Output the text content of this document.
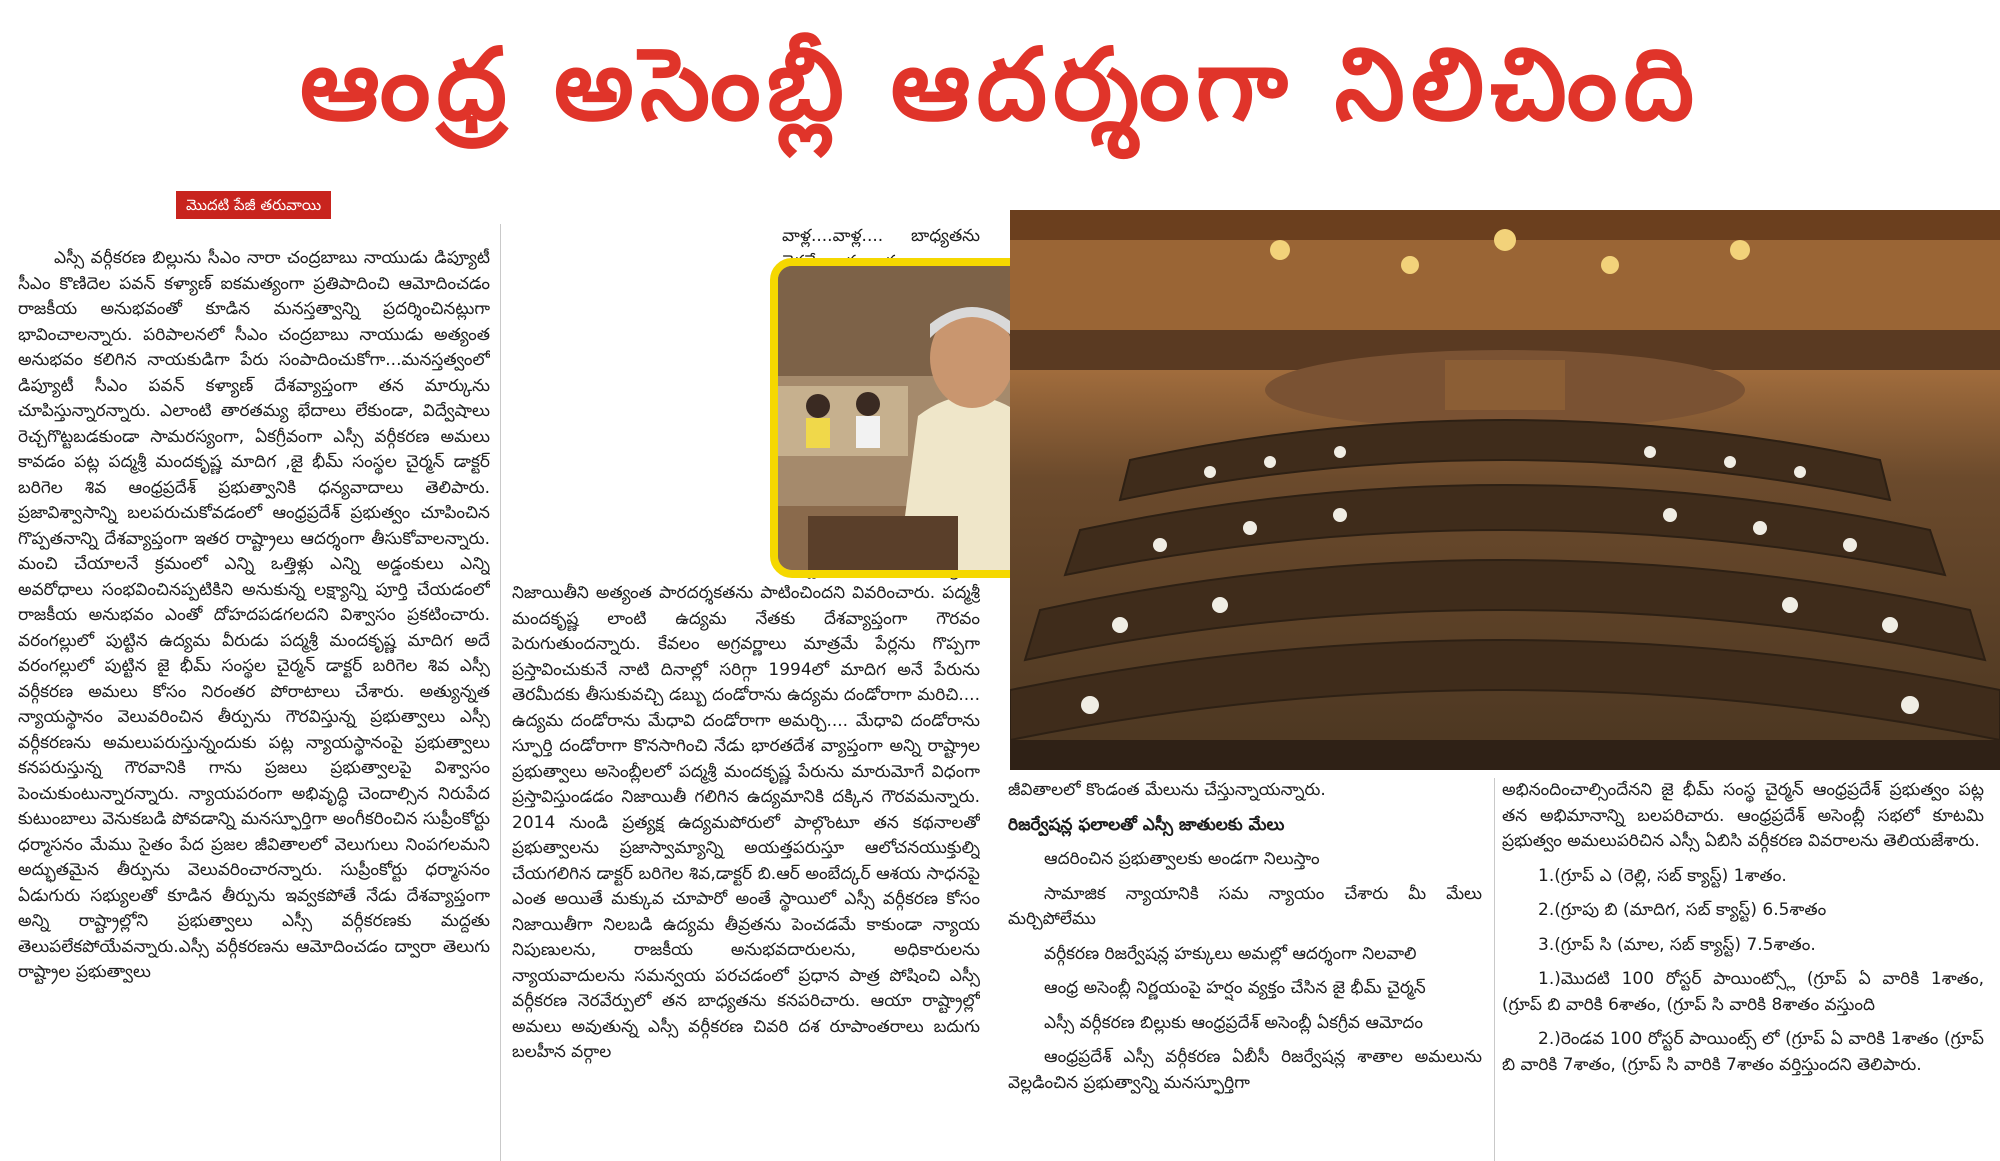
ఆంధ్ర అసెంబ్లీ ఆదర్శంగా నిలిచింది
మొదటి పేజీ తరువాయి

ఎస్సీ వర్గీకరణ బిల్లును సీఎం నారా చంద్రబాబు నాయుడు డిప్యూటీ సీఎం కొణిదెల పవన్ కళ్యాణ్ ఐకమత్యంగా ప్రతిపాదించి ఆమోదించడం రాజకీయ అనుభవంతో కూడిన మనస్తత్వాన్ని ప్రదర్శించినట్లుగా భావించాలన్నారు. పరిపాలనలో సీఎం చంద్రబాబు నాయుడు అత్యంత అనుభవం కలిగిన నాయకుడిగా పేరు సంపాదించుకోగా...మనస్తత్వంలో డిప్యూటీ సీఎం పవన్ కళ్యాణ్ దేశవ్యాప్తంగా తన మార్కును చూపిస్తున్నారన్నారు. ఎలాంటి తారతమ్య భేదాలు లేకుండా, విద్వేషాలు రెచ్చగొట్టబడకుండా సామరస్యంగా, ఏకగ్రీవంగా ఎస్సీ వర్గీకరణ అమలు కావడం పట్ల పద్మశ్రీ మందకృష్ణ మాదిగ ,జై భీమ్ సంస్థల చైర్మన్ డాక్టర్ బరిగెల శివ ఆంధ్రప్రదేశ్ ప్రభుత్వానికి ధన్యవాదాలు తెలిపారు. ప్రజావిశ్వాసాన్ని బలపరుచుకోవడంలో ఆంధ్రప్రదేశ్ ప్రభుత్వం చూపించిన గొప్పతనాన్ని దేశవ్యాప్తంగా ఇతర రాష్ట్రాలు ఆదర్శంగా తీసుకోవాలన్నారు. మంచి చేయాలనే క్రమంలో ఎన్ని ఒత్తిళ్లు ఎన్ని అడ్డంకులు ఎన్ని అవరోధాలు సంభవించినప్పటికిని అనుకున్న లక్ష్యాన్ని పూర్తి చేయడంలో రాజకీయ అనుభవం ఎంతో దోహదపడగలదని విశ్వాసం ప్రకటించారు. వరంగల్లులో పుట్టిన ఉద్యమ వీరుడు పద్మశ్రీ మందకృష్ణ మాదిగ అదే వరంగల్లులో పుట్టిన జై భీమ్ సంస్థల చైర్మన్ డాక్టర్ బరిగెల శివ ఎస్సీ వర్గీకరణ అమలు కోసం నిరంతర పోరాటాలు చేశారు. అత్యున్నత న్యాయస్థానం వెలువరించిన తీర్పును గౌరవిస్తున్న ప్రభుత్వాలు ఎస్సీ వర్గీకరణను అమలుపరుస్తున్నందుకు పట్ల న్యాయస్థానంపై ప్రభుత్వాలు కనపరుస్తున్న గౌరవానికి గాను ప్రజలు ప్రభుత్వాలపై విశ్వాసం పెంచుకుంటున్నారన్నారు. న్యాయపరంగా అభివృద్ధి చెందాల్సిన నిరుపేద కుటుంబాలు వెనుకబడి పోవడాన్ని మనస్ఫూర్తిగా అంగీకరించిన సుప్రీంకోర్టు ధర్మాసనం మేము సైతం పేద ప్రజల జీవితాలలో వెలుగులు నింపగలమని అద్భుతమైన తీర్పును వెలువరించారన్నారు. సుప్రీంకోర్టు ధర్మాసనం ఏడుగురు సభ్యులతో కూడిన తీర్పును ఇవ్వకపోతే నేడు దేశవ్యాప్తంగా అన్ని రాష్ట్రాల్లోని ప్రభుత్వాలు ఎస్సీ వర్గీకరణకు మద్దతు తెలుపలేకపోయేవన్నారు.ఎస్సీ వర్గీకరణను ఆమోదించడం ద్వారా తెలుగు రాష్ట్రాల ప్రభుత్వాలు

వాళ్ల....వాళ్ల.... బాధ్యతను నిజాయితీని అత్యంత పారదర్శకతను పాటించిందని వివరించారు. పద్మశ్రీ మందకృష్ణ లాంటి ఉద్యమ నేతకు దేశవ్యాప్తంగా గౌరవం పెరుగుతుందన్నారు. కేవలం అగ్రవర్ణాలు మాత్రమే పేర్లను గొప్పగా ప్రస్తావించుకునే నాటి దినాల్లో సరిగ్గా 1994లో మాదిగ అనే పేరును తెరమీదకు తీసుకువచ్చి డబ్బు దండోరాను ఉద్యమ దండోరాగా మరిచి.... ఉద్యమ దండోరాను మేధావి దండోరాగా అమర్చి.... మేధావి దండోరాను స్ఫూర్తి దండోరాగా కొనసాగించి నేడు భారతదేశ వ్యాప్తంగా అన్ని రాష్ట్రాల ప్రభుత్వాలు అసెంబ్లీలలో పద్మశ్రీ మందకృష్ణ పేరును మారుమోగే విధంగా ప్రస్తావిస్తుండడం నిజాయితీ గలిగిన ఉద్యమానికి దక్కిన గౌరవమన్నారు. 2014 నుండి ప్రత్యక్ష ఉద్యమపోరులో పాల్గొంటూ తన కథనాలతో ప్రభుత్వాలను ప్రజాస్వామ్యాన్ని అయత్తపరుస్తూ ఆలోచనయుక్తుల్ని చేయగలిగిన డాక్టర్ బరిగెల శివ,డాక్టర్ బి.ఆర్ అంబేద్కర్ ఆశయ సాధనపై ఎంత అయితే మక్కువ చూపారో అంతే స్థాయిలో ఎస్సీ వర్గీకరణ కోసం నిజాయితీగా నిలబడి ఉద్యమ తీవ్రతను పెంచడమే కాకుండా న్యాయ నిపుణులను, రాజకీయ అనుభవదారులను, అధికారులను న్యాయవాదులను సమన్వయ పరచడంలో ప్రధాన పాత్ర పోషించి ఎస్సీ వర్గీకరణ నెరవేర్పులో తన బాధ్యతను కనపరిచారు. ఆయా రాష్ట్రాల్లో అమలు అవుతున్న ఎస్సీ వర్గీకరణ చివరి దశ రూపాంతరాలు బదుగు బలహీన వర్గాల

జీవితాలలో కొండంత మేలును చేస్తున్నాయన్నారు.

రిజర్వేషన్ల ఫలాలతో ఎస్సీ జాతులకు మేలు

ఆదరించిన ప్రభుత్వాలకు అండగా నిలుస్తాం

సామాజిక న్యాయానికి సమ న్యాయం చేశారు మీ మేలు మర్చిపోలేము

వర్గీకరణ రిజర్వేషన్ల హక్కులు అమల్లో ఆదర్శంగా నిలవాలి

ఆంధ్ర అసెంబ్లీ నిర్ణయంపై హర్షం వ్యక్తం చేసిన జై భీమ్ చైర్మన్

ఎస్సీ వర్గీకరణ బిల్లుకు ఆంధ్రప్రదేశ్ అసెంబ్లీ ఏకగ్రీవ ఆమోదం

ఆంధ్రప్రదేశ్ ఎస్సీ వర్గీకరణ ఏబీసీ రిజర్వేషన్ల శాతాల అమలును వెల్లడించిన ప్రభుత్వాన్ని మనస్ఫూర్తిగా

అభినందించాల్సిందేనని జై భీమ్ సంస్థ చైర్మన్ ఆంధ్రప్రదేశ్ ప్రభుత్వం పట్ల తన అభిమానాన్ని బలపరిచారు. ఆంధ్రప్రదేశ్ అసెంబ్లీ సభలో కూటమి ప్రభుత్వం అమలుపరిచిన ఎస్సీ ఏబిసి వర్గీకరణ వివరాలను తెలియజేశారు.

1.(గ్రూప్ ఎ (రెల్లి, సబ్ క్యాస్ట్) 1శాతం.

2.(గ్రూపు బి (మాదిగ, సబ్ క్యాస్ట్) 6.5శాతం

3.(గ్రూప్ సి (మాల, సబ్ క్యాస్ట్) 7.5శాతం.

1.)మొదటి 100 రోస్టర్ పాయింట్స్లో (గ్రూప్ ఏ వారికి 1శాతం, (గ్రూప్ బి వారికి 6శాతం, (గ్రూప్ సి వారికి 8శాతం వస్తుంది

2.)రెండవ 100 రోస్టర్ పాయింట్స్ లో (గ్రూప్ ఏ వారికి 1శాతం (గ్రూప్ బి వారికి 7శాతం, (గ్రూప్ సి వారికి 7శాతం వర్తిస్తుందని తెలిపారు.
